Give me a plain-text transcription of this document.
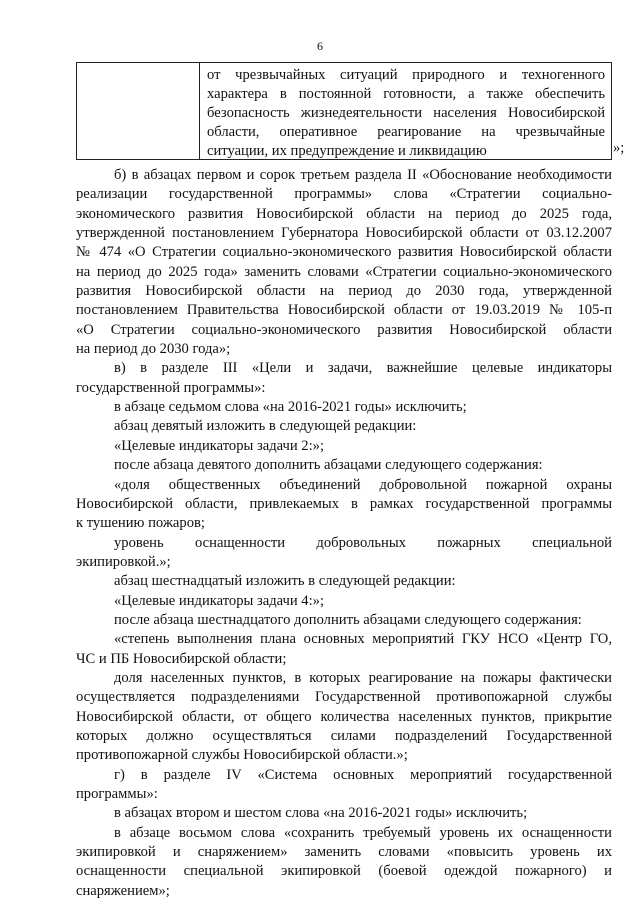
6
от чрезвычайных ситуаций природного и техногенного
характера в постоянной готовности, а также обеспечить
безопасность жизнедеятельности населения Новосибирской
области, оперативное реагирование на чрезвычайные
ситуации, их предупреждение и ликвидацию	»;

б) в абзацах первом и сорок третьем раздела II «Обоснование необходимости
реализации государственной программы» слова «Стратегии социально-
экономического развития Новосибирской области на период до 2025 года,
утвержденной постановлением Губернатора Новосибирской области от 03.12.2007
№ 474 «О Стратегии социально-экономического развития Новосибирской области
на период до 2025 года» заменить словами «Стратегии социально-экономического
развития Новосибирской области на период до 2030 года, утвержденной
постановлением Правительства Новосибирской области от 19.03.2019 № 105-п
«О Стратегии социально-экономического развития Новосибирской области
на период до 2030 года»;

в) в разделе III «Цели и задачи, важнейшие целевые индикаторы
государственной программы»:

в абзаце седьмом слова «на 2016-2021 годы» исключить;

абзац девятый изложить в следующей редакции:

«Целевые индикаторы задачи 2:»;

после абзаца девятого дополнить абзацами следующего содержания:

«доля общественных объединений добровольной пожарной охраны
Новосибирской области, привлекаемых в рамках государственной программы
к тушению пожаров;

уровень оснащенности добровольных пожарных специальной
экипировкой.»;

абзац шестнадцатый изложить в следующей редакции:

«Целевые индикаторы задачи 4:»;

после абзаца шестнадцатого дополнить абзацами следующего содержания:

«степень выполнения плана основных мероприятий ГКУ НСО «Центр ГО,
ЧС и ПБ Новосибирской области;

доля населенных пунктов, в которых реагирование на пожары фактически
осуществляется подразделениями Государственной противопожарной службы
Новосибирской области, от общего количества населенных пунктов, прикрытие
которых должно осуществляться силами подразделений Государственной
противопожарной службы Новосибирской области.»;

г) в разделе IV «Система основных мероприятий государственной
программы»:

в абзацах втором и шестом слова «на 2016-2021 годы» исключить;

в абзаце восьмом слова «сохранить требуемый уровень их оснащенности
экипировкой и снаряжением» заменить словами «повысить уровень их
оснащенности специальной экипировкой (боевой одеждой пожарного) и
снаряжением»;
